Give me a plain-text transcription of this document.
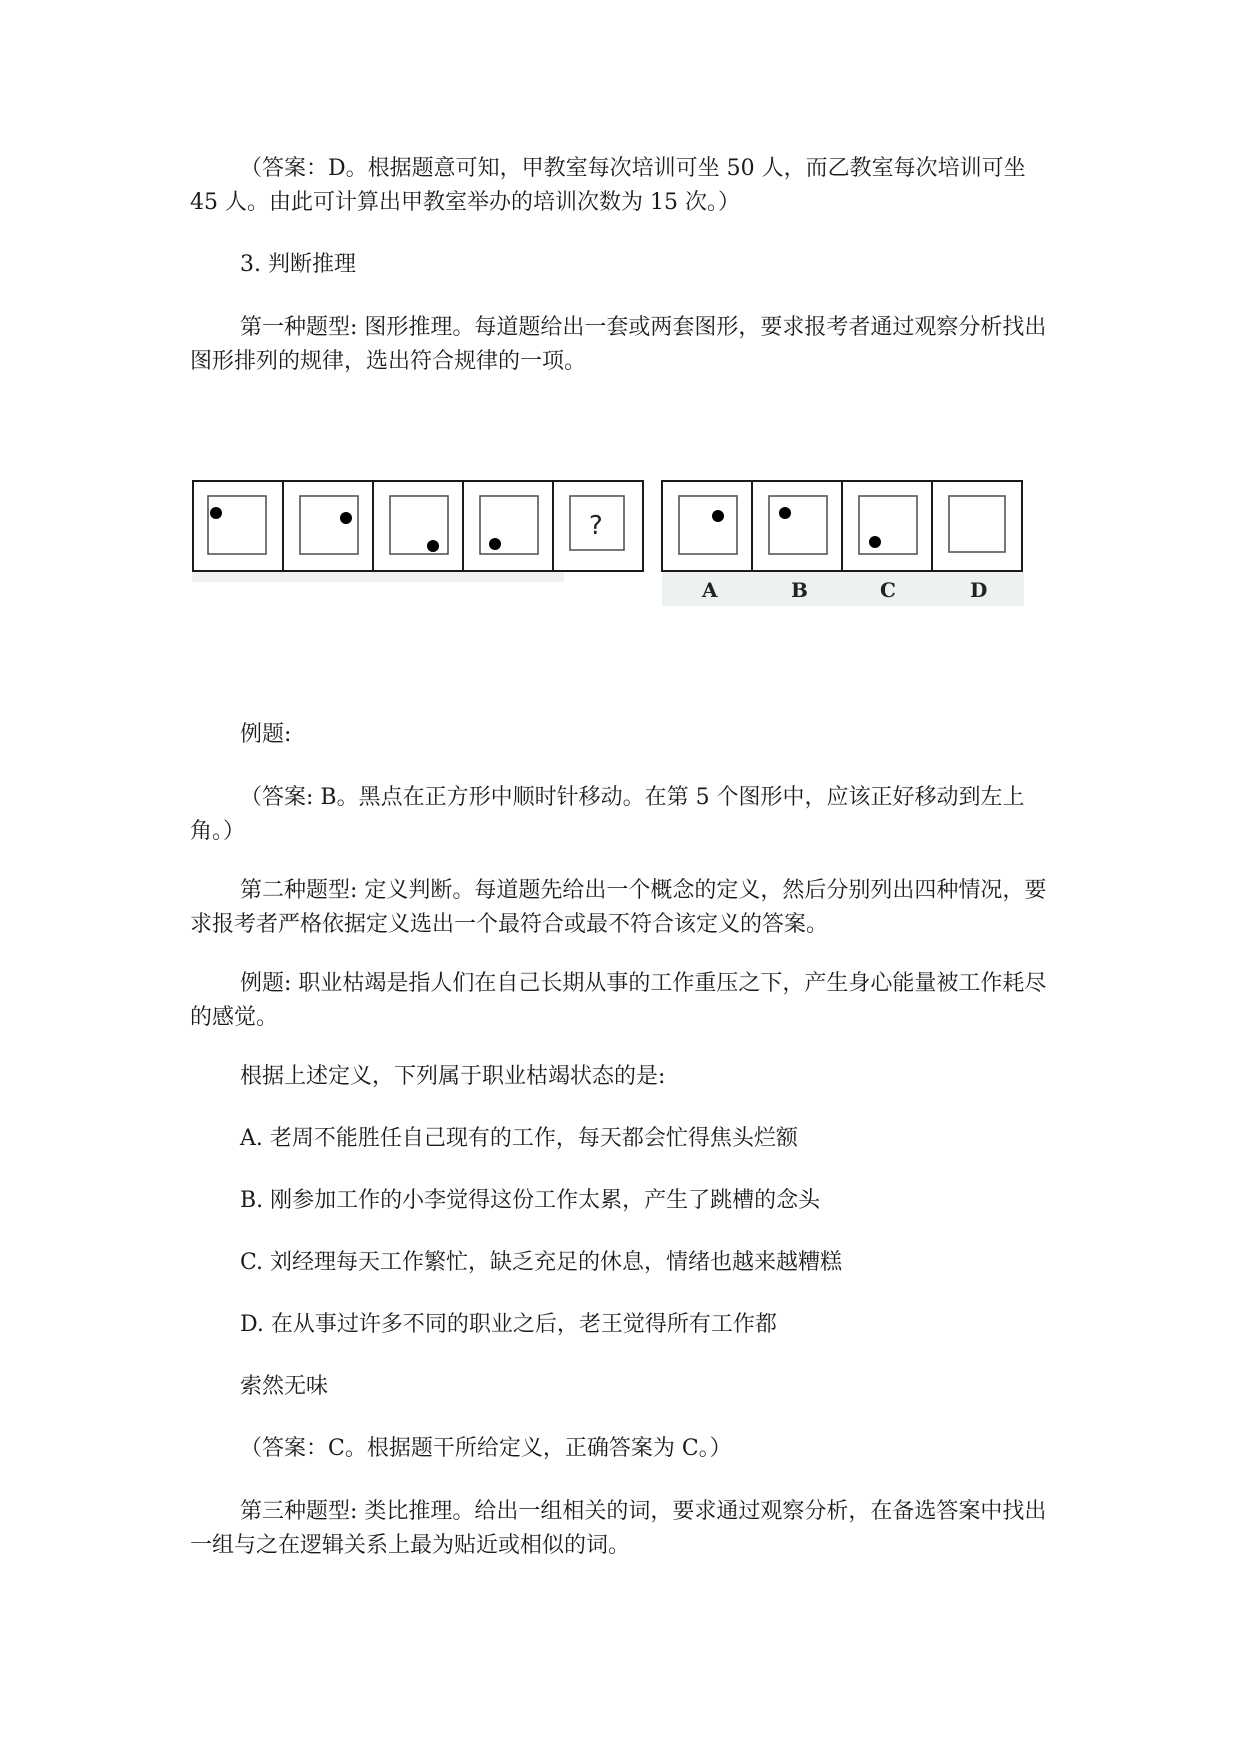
（答案：D。根据题意可知，甲教室每次培训可坐 50 人，而乙教室每次培训可坐 45 人。由此可计算出甲教室举办的培训次数为 15 次。）

3. 判断推理

第一种题型: 图形推理。每道题给出一套或两套图形，要求报考者通过观察分析找出图形排列的规律，选出符合规律的一项。

?
A	B	C	D

例题:

（答案: B。黑点在正方形中顺时针移动。在第 5 个图形中，应该正好移动到左上角。）

第二种题型: 定义判断。每道题先给出一个概念的定义，然后分别列出四种情况，要求报考者严格依据定义选出一个最符合或最不符合该定义的答案。

例题: 职业枯竭是指人们在自己长期从事的工作重压之下，产生身心能量被工作耗尽的感觉。

根据上述定义，下列属于职业枯竭状态的是:

A. 老周不能胜任自己现有的工作，每天都会忙得焦头烂额

B. 刚参加工作的小李觉得这份工作太累，产生了跳槽的念头

C. 刘经理每天工作繁忙，缺乏充足的休息，情绪也越来越糟糕

D. 在从事过许多不同的职业之后，老王觉得所有工作都

索然无味

（答案：C。根据题干所给定义，正确答案为 C。）

第三种题型: 类比推理。给出一组相关的词，要求通过观察分析，在备选答案中找出一组与之在逻辑关系上最为贴近或相似的词。
